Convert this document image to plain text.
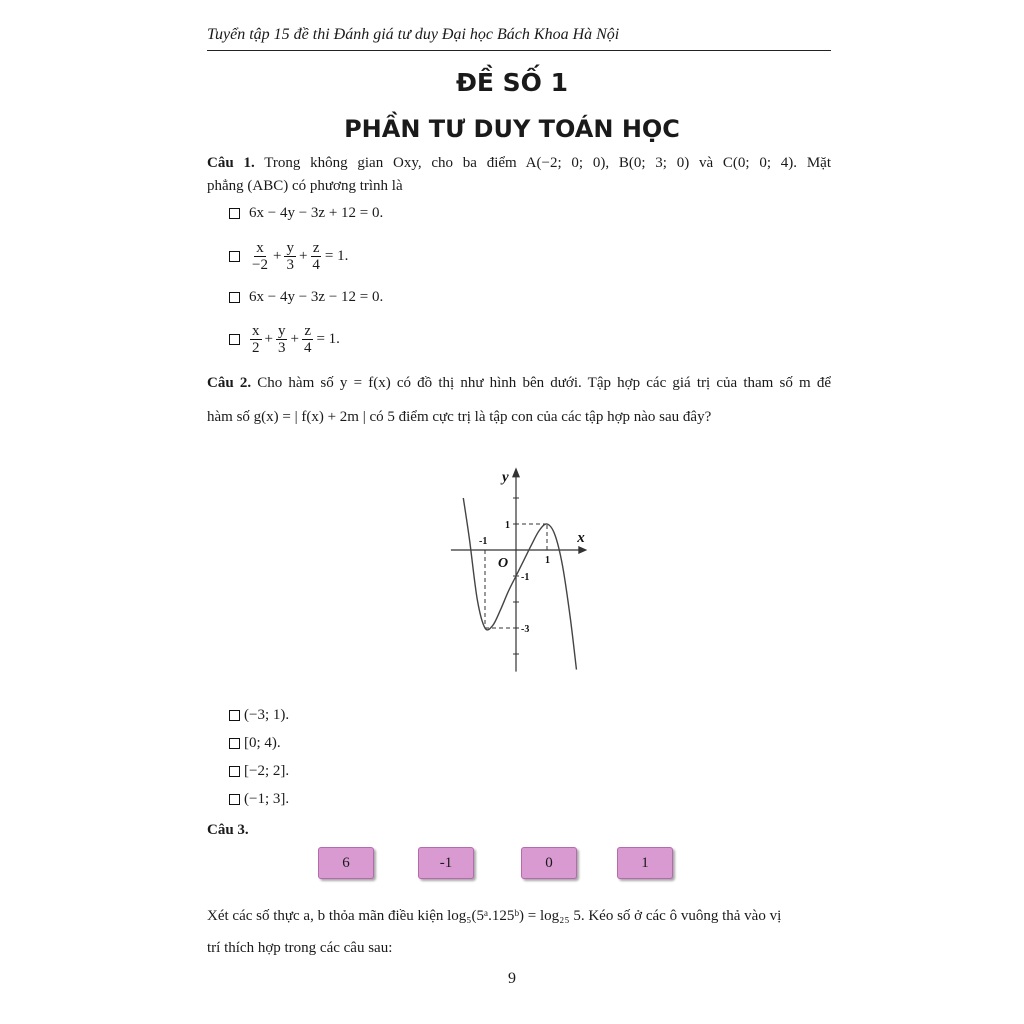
Tuyển tập 15 đề thi Đánh giá tư duy Đại học Bách Khoa Hà Nội
ĐỀ SỐ 1
PHẦN TƯ DUY TOÁN HỌC
Câu 1. Trong không gian Oxy, cho ba điểm A(−2; 0; 0), B(0; 3; 0) và C(0; 0; 4). Mặt
phẳng (ABC) có phương trình là
6x − 4y − 3z + 12 = 0.
$\frac{x}{-2} + \frac{y}{3} + \frac{z}{4} = 1$.
6x − 4y − 3z − 12 = 0.
$\frac{x}{2} + \frac{y}{3} + \frac{z}{4} = 1$.
Câu 2. Cho hàm số y = f(x) có đồ thị như hình bên dưới. Tập hợp các giá trị của tham số m để
hàm số g(x) = | f(x) + 2m | có 5 điểm cực trị là tập con của các tập hợp nào sau đây?
x
y
O
-1
1
1
-1
-3
(−3; 1).
[0; 4).
[−2; 2].
(−1; 3].
Câu 3.
6	-1	0	1
Xét các số thực a, b thỏa mãn điều kiện log₅(5ᵃ.125ᵇ) = log₂₅ 5. Kéo số ở các ô vuông thả vào vị
trí thích hợp trong các câu sau:
9
